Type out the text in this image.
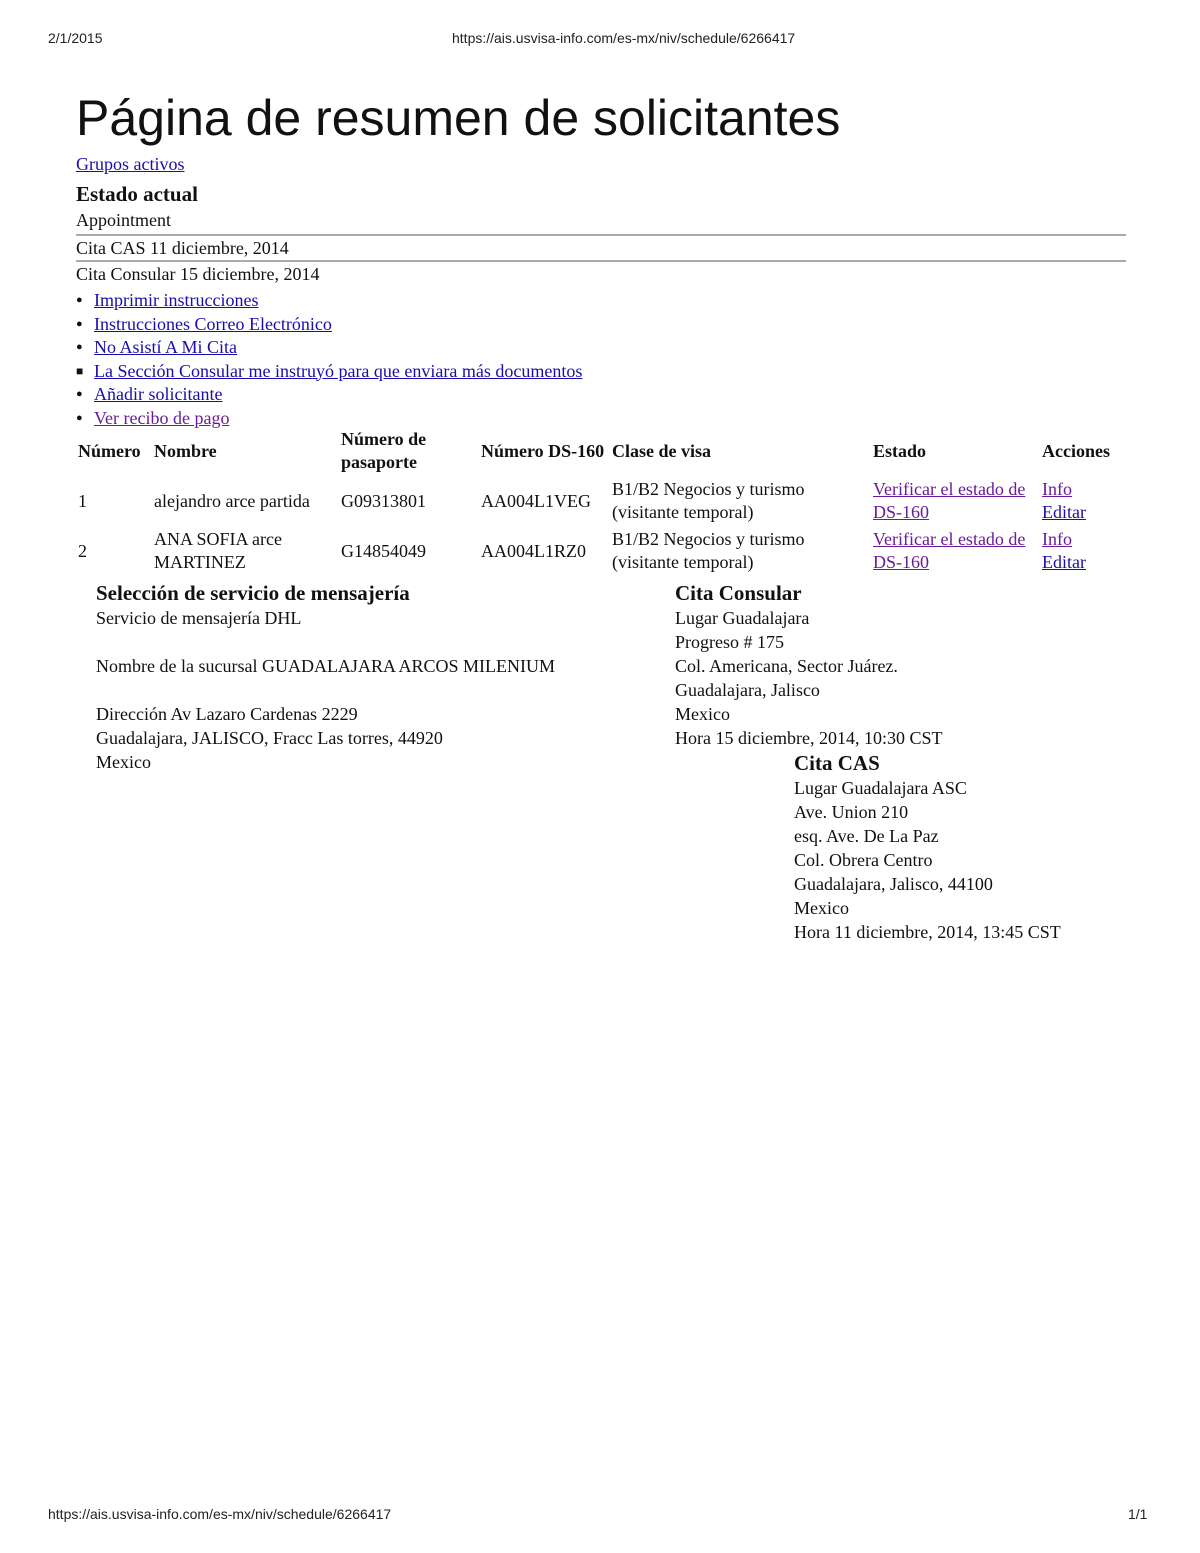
2/1/2015	https://ais.usvisa-info.com/es-mx/niv/schedule/6266417
Página de resumen de solicitantes
Grupos activos
Estado actual
Appointment
Cita CAS 11 diciembre, 2014
Cita Consular 15 diciembre, 2014
● Imprimir instrucciones
● Instrucciones Correo Electrónico
● No Asistí A Mi Cita
■ La Sección Consular me instruyó para que enviara más documentos
● Añadir solicitante
● Ver recibo de pago
Número	Nombre	Número de pasaporte	Número DS-160	Clase de visa	Estado	Acciones
1	alejandro arce partida	G09313801	AA004L1VEG	B1/B2 Negocios y turismo (visitante temporal)	Verificar el estado de DS-160	Info
Editar
2	ANA SOFIA arce MARTINEZ	G14854049	AA004L1RZ0	B1/B2 Negocios y turismo (visitante temporal)	Verificar el estado de DS-160	Info
Editar
Selección de servicio de mensajería
Servicio de mensajería DHL
Nombre de la sucursal GUADALAJARA ARCOS MILENIUM
Dirección Av Lazaro Cardenas 2229
Guadalajara, JALISCO, Fracc Las torres, 44920
Mexico
Cita Consular
Lugar Guadalajara
Progreso # 175
Col. Americana, Sector Juárez.
Guadalajara, Jalisco
Mexico
Hora 15 diciembre, 2014, 10:30 CST
Cita CAS
Lugar Guadalajara ASC
Ave. Union 210
esq. Ave. De La Paz
Col. Obrera Centro
Guadalajara, Jalisco, 44100
Mexico
Hora 11 diciembre, 2014, 13:45 CST
https://ais.usvisa-info.com/es-mx/niv/schedule/6266417	1/1
